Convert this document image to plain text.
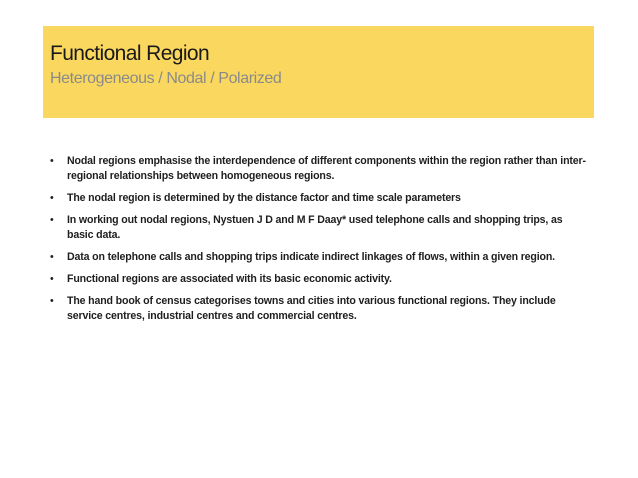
Functional Region
Heterogeneous / Nodal / Polarized
• Nodal regions emphasise the interdependence of different components within the region rather than inter-regional relationships between homogeneous regions.
• The nodal region is determined by the distance factor and time scale parameters
• In working out nodal regions, Nystuen J D and M F Daay* used telephone calls and shopping trips, as basic data.
• Data on telephone calls and shopping trips indicate indirect linkages of flows, within a given region.
• Functional regions are associated with its basic economic activity.
• The hand book of census categorises towns and cities into various functional regions. They include service centres, industrial centres and commercial centres.
